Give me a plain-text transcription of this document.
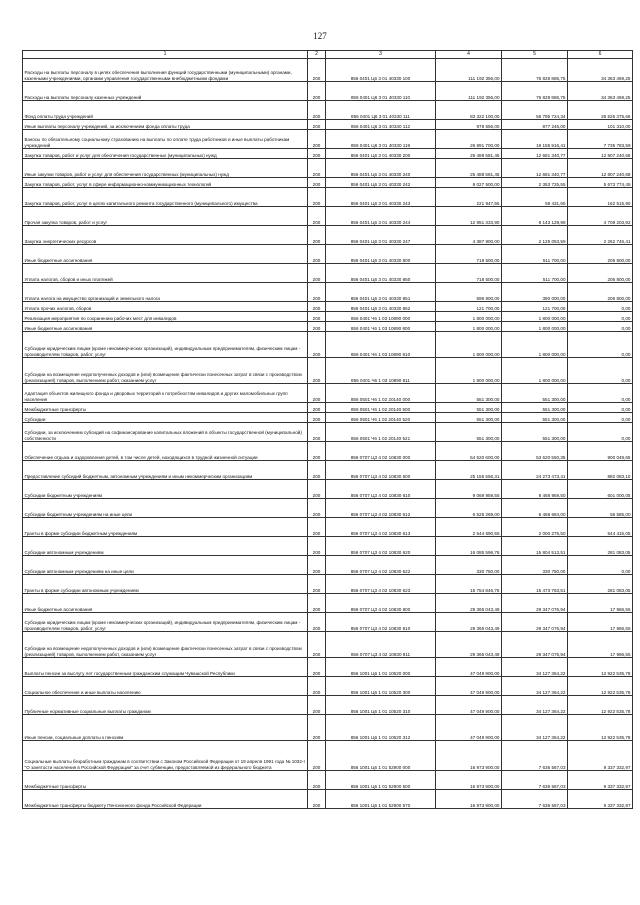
127
1	2	3	4	5	6
Расходы на выплаты персоналу в целях обеспечения выполнения функций государственными (муниципальными) органами, казенными учреждениями, органами управления государственными внебюджетными фондами	200	856 0401 Ц6 3 01 40330 100	111 192 356,00	76 828 886,75	34 363 469,25
Расходы на выплаты персоналу казенных учреждений	200	856 0401 Ц6 3 01 40330 110	111 192 356,00	76 828 886,75	34 363 469,25
Фонд оплаты труда учреждений	200	856 0401 Ц6 3 01 40330 111	83 322 100,00	56 795 724,34	26 526 375,66
Иные выплаты персоналу учреждений, за исключением фонда оплаты труда	200	856 0401 Ц6 3 01 40330 112	978 556,00	877 246,00	101 310,00
Взносы по обязательному социальному страхованию на выплаты по оплате труда работников и иные выплаты работникам учреждений	200	856 0401 Ц6 3 01 40330 119	26 891 700,00	19 155 916,41	7 735 783,59
Закупка товаров, работ и услуг для обеспечения государственных (муниципальных) нужд	200	856 0401 Ц6 3 01 40330 200	25 488 581,45	12 681 340,77	12 807 240,68
Иные закупки товаров, работ и услуг для обеспечения государственных (муниципальных) нужд	200	856 0401 Ц6 3 01 40330 240	25 488 581,45	12 681 340,77	12 807 240,68
Закупка товаров, работ, услуг в сфере информационно-коммуникационных технологий	200	856 0401 Ц6 3 01 40330 242	8 027 500,00	2 353 725,55	5 673 774,45
Закупка товаров, работ, услуг в целях капитального ремонта государственного (муниципального) имущества	200	856 0401 Ц6 3 01 40330 243	221 947,55	59 431,65	162 515,90
Прочая закупка товаров, работ и услуг	200	856 0401 Ц6 3 01 40330 244	12 851 333,90	8 143 129,98	4 708 203,92
Закупка энергетических ресурсов	200	856 0401 Ц6 3 01 40330 247	4 387 800,00	2 125 053,59	2 262 746,41
Иные бюджетные ассигнования	200	856 0401 Ц6 3 01 40330 800	718 500,00	511 700,00	206 800,00
Уплата налогов, сборов и иных платежей	200	856 0401 Ц6 3 01 40330 850	718 500,00	511 700,00	206 800,00
Уплата налога на имущество организаций и земельного налога	200	856 0401 Ц6 3 01 40330 851	596 800,00	390 000,00	206 800,00
Уплата прочих налогов, сборов	200	856 0401 Ц6 3 01 40330 852	121 700,00	121 700,00	0,00
Реализация мероприятия по сохранению рабочих мест для инвалидов	200	856 0401 Ч6 1 03 10890 000	1 800 000,00	1 800 000,00	0,00
Иные бюджетные ассигнования	200	856 0401 Ч6 1 03 10890 800	1 800 000,00	1 800 000,00	0,00
Субсидии юридическим лицам (кроме некоммерческих организаций), индивидуальным предпринимателям, физическим лицам - производителям товаров, работ, услуг	200	856 0401 Ч6 1 03 10890 810	1 800 000,00	1 800 000,00	0,00
Субсидии на возмещение недополученных доходов и (или) возмещение фактически понесенных затрат в связи с производством (реализацией) товаров, выполнением работ, оказанием услуг	200	856 0401 Ч6 1 03 10890 811	1 800 000,00	1 800 000,00	0,00
Адаптация объектов жилищного фонда и дворовых территорий к потребностям инвалидов и других маломобильных групп населения	200	856 0501 Ч6 1 02 20140 000	551 300,00	551 300,00	0,00
Межбюджетные трансферты	200	856 0501 Ч6 1 02 20140 500	551 300,00	551 300,00	0,00
Субсидии	200	856 0501 Ч6 1 02 20140 520	551 300,00	551 300,00	0,00
Субсидии, за исключением субсидий на софинансирование капитальных вложений в объекты государственной (муниципальной) собственности	200	856 0501 Ч6 1 02 20140 521	551 300,00	551 300,00	0,00
Обеспечение отдыха и оздоровления детей, в том числе детей, находящихся в трудной жизненной ситуации	200	856 0707 Ц3 4 02 10830 000	54 520 600,00	53 620 550,35	900 049,65
Предоставление субсидий бюджетным, автономным учреждениям и иным некоммерческим организациям	200	856 0707 Ц3 4 02 10830 600	25 155 556,31	24 273 473,41	882 083,10
Субсидии бюджетным учреждениям	200	856 0707 Ц3 4 02 10830 610	9 069 959,55	8 468 959,50	601 000,05
Субсидии бюджетным учреждениям на иные цели	200	856 0707 Ц3 4 02 10830 612	6 525 269,00	6 468 684,00	56 585,00
Гранты в форме субсидии бюджетным учреждениям	200	856 0707 Ц3 4 02 10830 613	2 544 690,55	2 000 275,50	544 415,05
Субсидии автономным учреждениям	200	856 0707 Ц3 4 02 10830 620	16 085 596,76	15 804 513,51	281 083,05
Субсидии автономным учреждениям на иные цели	200	856 0707 Ц3 4 02 10830 622	330 750,00	330 750,00	0,00
Гранты в форме субсидии автономным учреждениям	200	856 0707 Ц3 4 02 10830 623	15 754 846,76	15 473 763,51	281 083,05
Иные бюджетные ассигнования	200	856 0707 Ц3 4 02 10830 800	29 365 043,49	29 347 076,94	17 966,55
Субсидии юридическим лицам (кроме некоммерческих организаций), индивидуальным предпринимателям, физическим лицам - производителям товаров, работ, услуг	200	856 0707 Ц3 4 02 10830 810	29 365 043,49	29 347 076,94	17 966,55
Субсидии на возмещение недополученных доходов и (или) возмещение фактически понесенных затрат в связи с производством (реализацией) товаров, выполнением работ, оказанием услуг	200	856 0707 Ц3 4 02 10830 811	29 365 043,49	29 347 076,94	17 966,55
Выплаты пенсии за выслугу лет государственным гражданским служащим Чувашской Республики	200	856 1001 Ц6 1 01 10520 000	47 049 900,00	34 127 364,22	12 922 535,78
Социальное обеспечение и иные выплаты населению	200	856 1001 Ц6 1 01 10520 300	47 049 900,00	34 127 364,22	12 922 535,78
Публичные нормативные социальные выплаты гражданам	200	856 1001 Ц6 1 01 10520 310	47 049 900,00	34 127 364,22	12 922 535,78
Иные пенсии, социальные доплаты к пенсиям	200	856 1001 Ц6 1 01 10520 312	47 049 900,00	34 127 364,22	12 922 535,78
Социальные выплаты безработным гражданам в соответствии с Законом Российской Федерации от 19 апреля 1991 года № 1032-I "О занятости населения в Российской Федерации" за счет субвенции, предоставляемой из федерального бюджета	200	856 1001 Ц6 1 01 52900 000	16 973 900,00	7 636 567,03	9 337 332,97
Межбюджетные трансферты	200	856 1001 Ц6 1 01 52900 500	16 973 900,00	7 636 567,03	9 337 332,97
Межбюджетные трансферты бюджету Пенсионного фонда Российской Федерации	200	856 1001 Ц6 1 01 52900 570	16 973 900,00	7 636 567,03	9 337 332,97
